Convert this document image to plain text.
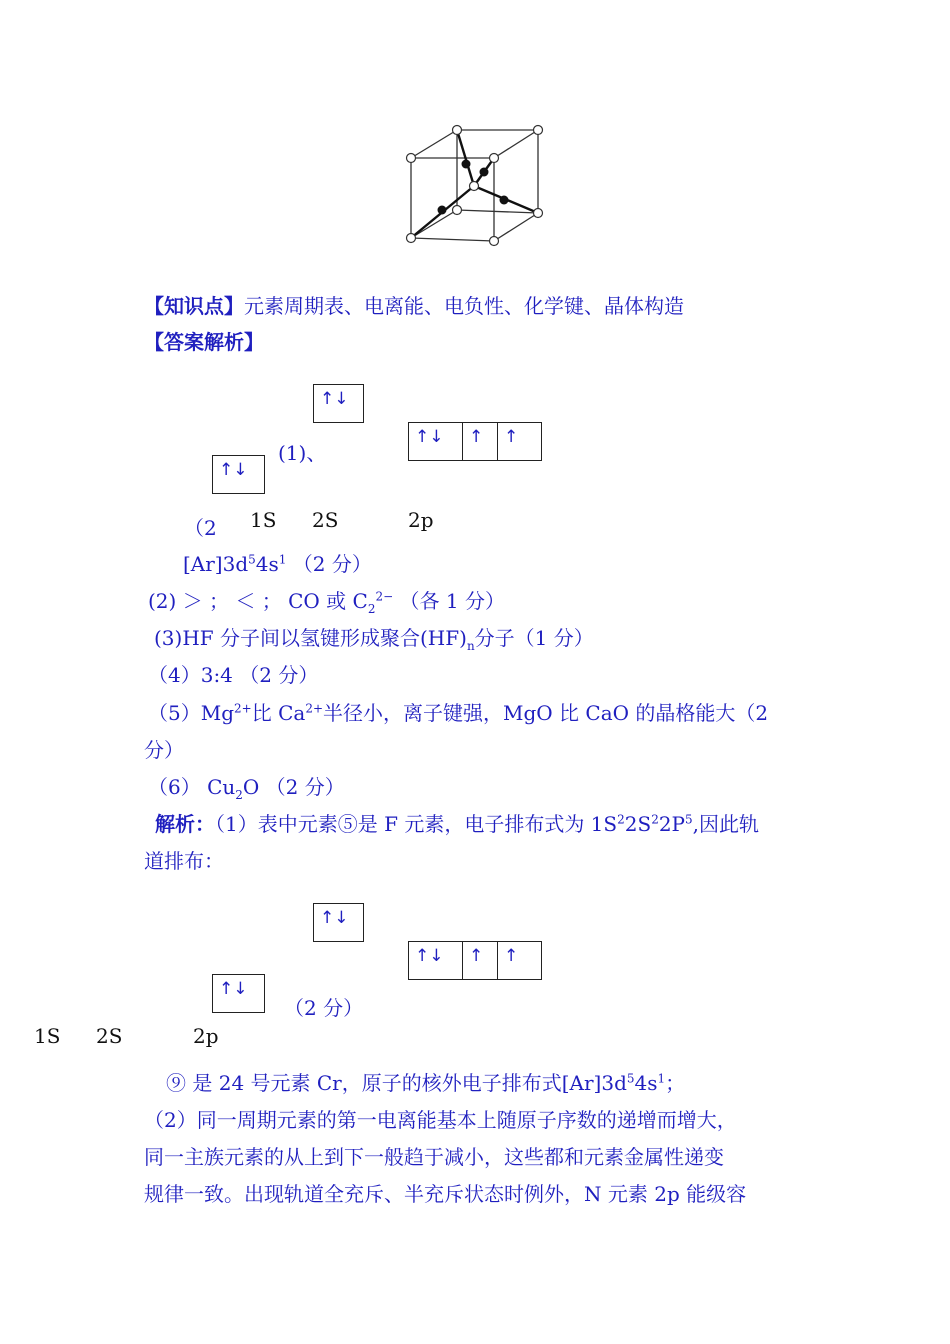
【知识点】元素周期表、电离能、电负性、化学键、晶体构造
【答案解析】
↑↓
↑↓	↑	↑
↑↓
(1)、
（2 1S 2S	2p
$[Ar]3d^54s^1$ （2 分）
(2) ＞ ； ＜ ； CO 或 $C_2^{2-}$ （各 1 分）
(3)HF 分子间以氢键形成聚合$(HF)_n$分子（1 分）
（4）3:4 （2 分）
$(5)Mg^{2+}$比 $Ca^{2+}$半径小，离子键强，MgO 比 CaO 的晶格能大（2
分）
（6） $Cu_2O$ （2 分）
解析：（1）表中元素⑤是 F 元素，电子排布式为 $1S^22S^22P^5$,因此轨
道排布：
↑↓
↑↓	↑	↑
↑↓
（2 分）
1S 2S	2p
⑨ 是 24 号元素 Cr，原子的核外电子排布式$[Ar]3d^54s^1$；
（2）同一周期元素的第一电离能基本上随原子序数的递增而增大，
同一主族元素的从上到下一般趋于减小，这些都和元素金属性递变
规律一致。出现轨道全充斥、半充斥状态时例外，N 元素 2p 能级容
